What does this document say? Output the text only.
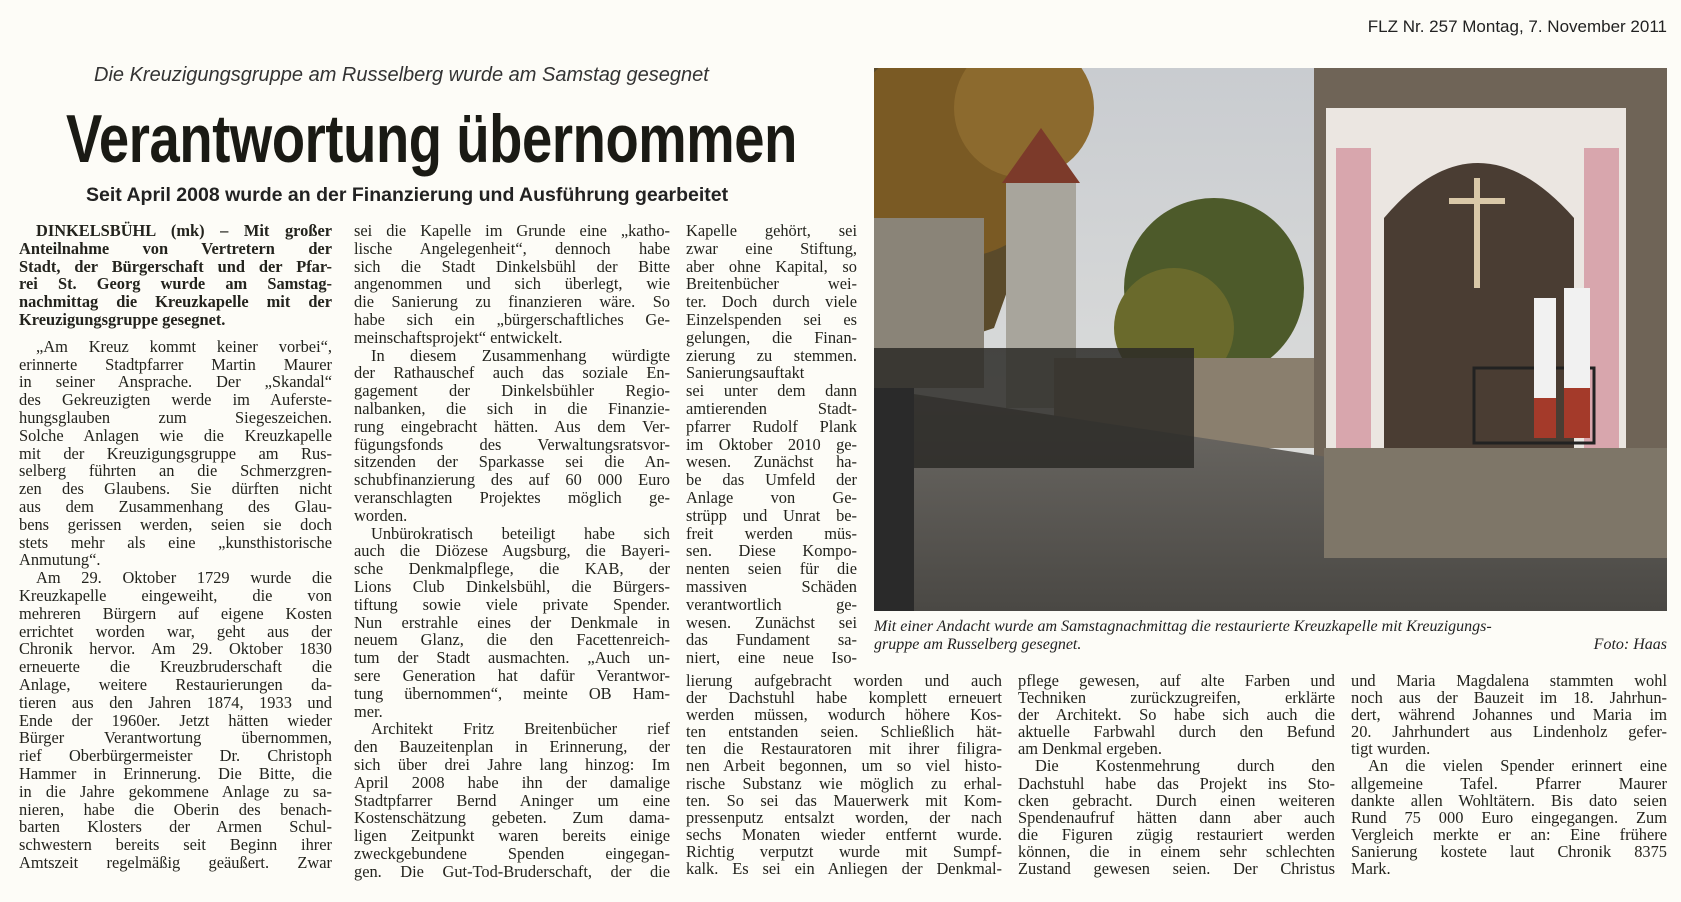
FLZ Nr. 257 Montag, 7. November 2011
Die Kreuzigungsgruppe am Russelberg wurde am Samstag gesegnet
Verantwortung übernommen
Seit April 2008 wurde an der Finanzierung und Ausführung gearbeitet
DINKELSBÜHL (mk) – Mit großer
Anteilnahme von Vertretern der
Stadt, der Bürgerschaft und der Pfar-
rei St. Georg wurde am Samstag-
nachmittag die Kreuzkapelle mit der
Kreuzigungsgruppe gesegnet.
„Am Kreuz kommt keiner vorbei“,
erinnerte Stadtpfarrer Martin Maurer
in seiner Ansprache. Der „Skandal“
des Gekreuzigten werde im Auferste-
hungsglauben zum Siegeszeichen.
Solche Anlagen wie die Kreuzkapelle
mit der Kreuzigungsgruppe am Rus-
selberg führten an die Schmerzgren-
zen des Glaubens. Sie dürften nicht
aus dem Zusammenhang des Glau-
bens gerissen werden, seien sie doch
stets mehr als eine „kunsthistorische
Anmutung“.
Am 29. Oktober 1729 wurde die
Kreuzkapelle eingeweiht, die von
mehreren Bürgern auf eigene Kosten
errichtet worden war, geht aus der
Chronik hervor. Am 29. Oktober 1830
erneuerte die Kreuzbruderschaft die
Anlage, weitere Restaurierungen da-
tieren aus den Jahren 1874, 1933 und
Ende der 1960er. Jetzt hätten wieder
Bürger Verantwortung übernommen,
rief Oberbürgermeister Dr. Christoph
Hammer in Erinnerung. Die Bitte, die
in die Jahre gekommene Anlage zu sa-
nieren, habe die Oberin des benach-
barten Klosters der Armen Schul-
schwestern bereits seit Beginn ihrer
Amtszeit regelmäßig geäußert. Zwar
sei die Kapelle im Grunde eine „katho-
lische Angelegenheit“, dennoch habe
sich die Stadt Dinkelsbühl der Bitte
angenommen und sich überlegt, wie
die Sanierung zu finanzieren wäre. So
habe sich ein „bürgerschaftliches Ge-
meinschaftsprojekt“ entwickelt.
In diesem Zusammenhang würdigte
der Rathauschef auch das soziale En-
gagement der Dinkelsbühler Regio-
nalbanken, die sich in die Finanzie-
rung eingebracht hätten. Aus dem Ver-
fügungsfonds des Verwaltungsratsvor-
sitzenden der Sparkasse sei die An-
schubfinanzierung des auf 60 000 Euro
veranschlagten Projektes möglich ge-
worden.
Unbürokratisch beteiligt habe sich
auch die Diözese Augsburg, die Bayeri-
sche Denkmalpflege, die KAB, der
Lions Club Dinkelsbühl, die Bürgers-
tiftung sowie viele private Spender.
Nun erstrahle eines der Denkmale in
neuem Glanz, die den Facettenreich-
tum der Stadt ausmachten. „Auch un-
sere Generation hat dafür Verantwor-
tung übernommen“, meinte OB Ham-
mer.
Architekt Fritz Breitenbücher rief
den Bauzeitenplan in Erinnerung, der
sich über drei Jahre lang hinzog: Im
April 2008 habe ihn der damalige
Stadtpfarrer Bernd Aninger um eine
Kostenschätzung gebeten. Zum dama-
ligen Zeitpunkt waren bereits einige
zweckgebundene Spenden eingegan-
gen. Die Gut-Tod-Bruderschaft, der die
Kapelle gehört, sei
zwar eine Stiftung,
aber ohne Kapital, so
Breitenbücher wei-
ter. Doch durch viele
Einzelspenden sei es
gelungen, die Finan-
zierung zu stemmen.
Sanierungsauftakt
sei unter dem dann
amtierenden Stadt-
pfarrer Rudolf Plank
im Oktober 2010 ge-
wesen. Zunächst ha-
be das Umfeld der
Anlage von Ge-
strüpp und Unrat be-
freit werden müs-
sen. Diese Kompo-
nenten seien für die
massiven Schäden
verantwortlich ge-
wesen. Zunächst sei
das Fundament sa-
niert, eine neue Iso-
lierung aufgebracht worden und auch
der Dachstuhl habe komplett erneuert
werden müssen, wodurch höhere Kos-
ten entstanden seien. Schließlich hät-
ten die Restauratoren mit ihrer filigra-
nen Arbeit begonnen, um so viel histo-
rische Substanz wie möglich zu erhal-
ten. So sei das Mauerwerk mit Kom-
pressenputz entsalzt worden, der nach
sechs Monaten wieder entfernt wurde.
Richtig verputzt wurde mit Sumpf-
kalk. Es sei ein Anliegen der Denkmal-
pflege gewesen, auf alte Farben und
Techniken zurückzugreifen, erklärte
der Architekt. So habe sich auch die
aktuelle Farbwahl durch den Befund
am Denkmal ergeben.
Die Kostenmehrung durch den
Dachstuhl habe das Projekt ins Sto-
cken gebracht. Durch einen weiteren
Spendenaufruf hätten dann aber auch
die Figuren zügig restauriert werden
können, die in einem sehr schlechten
Zustand gewesen seien. Der Christus
und Maria Magdalena stammten wohl
noch aus der Bauzeit im 18. Jahrhun-
dert, während Johannes und Maria im
20. Jahrhundert aus Lindenholz gefer-
tigt wurden.
An die vielen Spender erinnert eine
allgemeine Tafel. Pfarrer Maurer
dankte allen Wohltätern. Bis dato seien
Rund 75 000 Euro eingegangen. Zum
Vergleich merkte er an: Eine frühere
Sanierung kostete laut Chronik 8375
Mark.
Mit einer Andacht wurde am Samstagnachmittag die restaurierte Kreuzkapelle mit Kreuzigungs-
gruppe am Russelberg gesegnet.	Foto: Haas
